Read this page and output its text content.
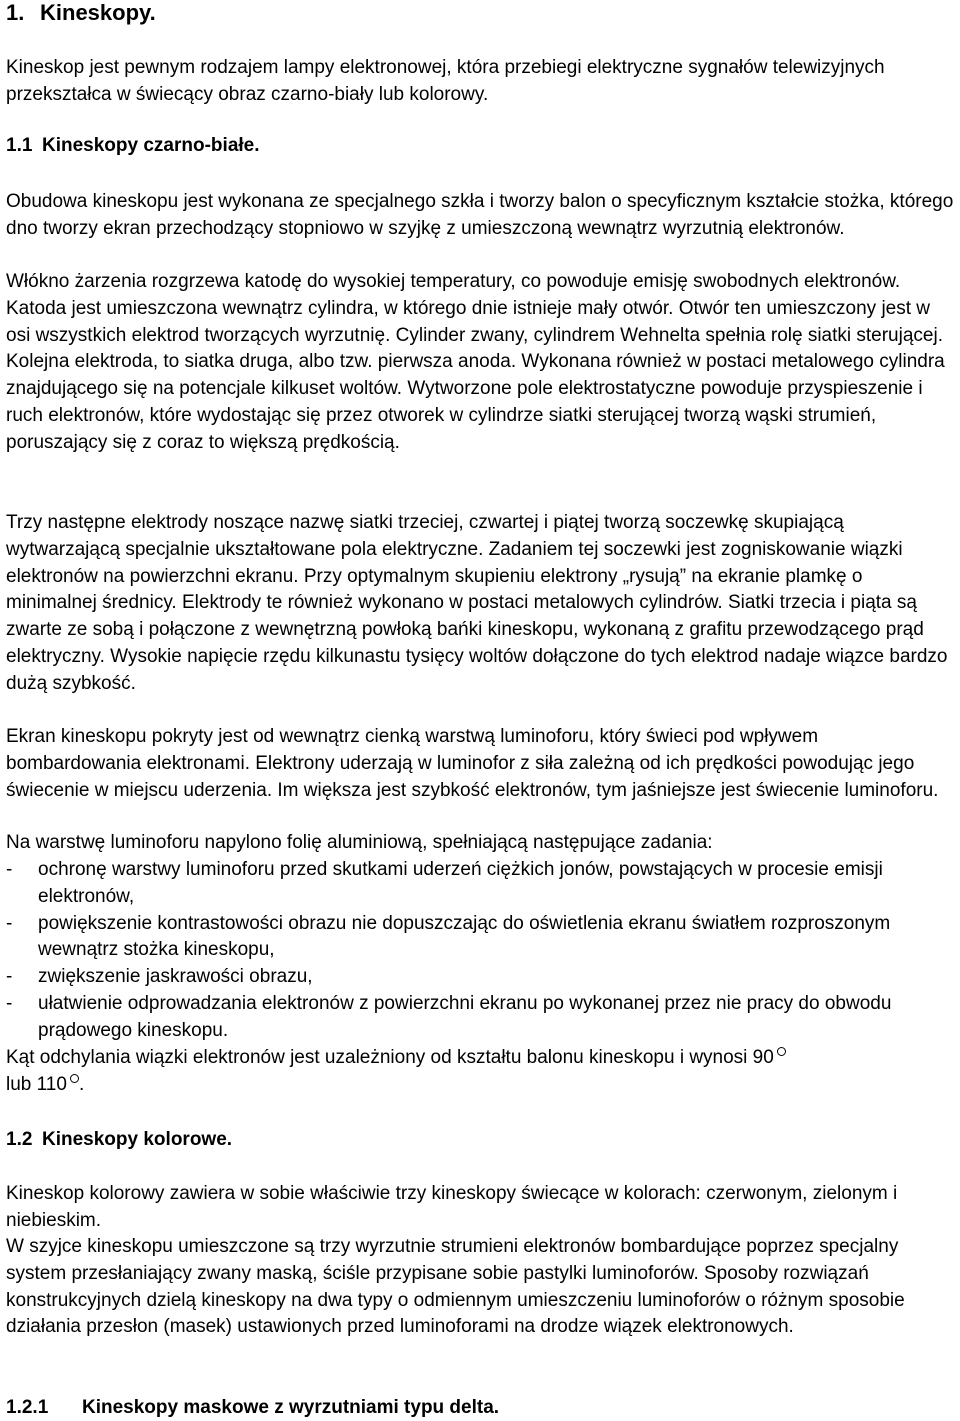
1. Kineskopy.

Kineskop jest pewnym rodzajem lampy elektronowej, która przebiegi elektryczne sygnałów telewizyjnych przekształca w świecący obraz czarno-biały lub kolorowy.

1.1 Kineskopy czarno-białe.

Obudowa kineskopu jest wykonana ze specjalnego szkła i tworzy balon o specyficznym kształcie stożka, którego dno tworzy ekran przechodzący stopniowo w szyjkę z umieszczoną wewnątrz wyrzutnią elektronów.

Włókno żarzenia rozgrzewa katodę do wysokiej temperatury, co powoduje emisję swobodnych elektronów. Katoda jest umieszczona wewnątrz cylindra, w którego dnie istnieje mały otwór. Otwór ten umieszczony jest w osi wszystkich elektrod tworzących wyrzutnię. Cylinder zwany, cylindrem Wehnelta spełnia rolę siatki sterującej. Kolejna elektroda, to siatka druga, albo tzw. pierwsza anoda. Wykonana również w postaci metalowego cylindra znajdującego się na potencjale kilkuset woltów. Wytworzone pole elektrostatyczne powoduje przyspieszenie i ruch elektronów, które wydostając się przez otworek w cylindrze siatki sterującej tworzą wąski strumień, poruszający się z coraz to większą prędkością.

Trzy następne elektrody noszące nazwę siatki trzeciej, czwartej i piątej tworzą soczewkę skupiającą wytwarzającą specjalnie ukształtowane pola elektryczne. Zadaniem tej soczewki jest zogniskowanie wiązki elektronów na powierzchni ekranu. Przy optymalnym skupieniu elektrony „rysują” na ekranie plamkę o minimalnej średnicy. Elektrody te również wykonano w postaci metalowych cylindrów. Siatki trzecia i piąta są zwarte ze sobą i połączone z wewnętrzną powłoką bańki kineskopu, wykonaną z grafitu przewodzącego prąd elektryczny. Wysokie napięcie rzędu kilkunastu tysięcy woltów dołączone do tych elektrod nadaje wiązce bardzo dużą szybkość.

Ekran kineskopu pokryty jest od wewnątrz cienką warstwą luminoforu, który świeci pod wpływem bombardowania elektronami. Elektrony uderzają w luminofor z siła zależną od ich prędkości powodując jego świecenie w miejscu uderzenia. Im większa jest szybkość elektronów, tym jaśniejsze jest świecenie luminoforu.

Na warstwę luminoforu napylono folię aluminiową, spełniającą następujące zadania:

- ochronę warstwy luminoforu przed skutkami uderzeń ciężkich jonów, powstających w procesie emisji elektronów,
- powiększenie kontrastowości obrazu nie dopuszczając do oświetlenia ekranu światłem rozproszonym wewnątrz stożka kineskopu,
- zwiększenie jaskrawości obrazu,
- ułatwienie odprowadzania elektronów z powierzchni ekranu po wykonanej przez nie pracy do obwodu prądowego kineskopu.

Kąt odchylania wiązki elektronów jest uzależniony od kształtu balonu kineskopu i wynosi 90
lub 110 .

1.2 Kineskopy kolorowe.

Kineskop kolorowy zawiera w sobie właściwie trzy kineskopy świecące w kolorach: czerwonym, zielonym i niebieskim.

W szyjce kineskopu umieszczone są trzy wyrzutnie strumieni elektronów bombardujące poprzez specjalny system przesłaniający zwany maską, ściśle przypisane sobie pastylki luminoforów. Sposoby rozwiązań konstrukcyjnych dzielą kineskopy na dwa typy o odmiennym umieszczeniu luminoforów o różnym sposobie działania przesłon (masek) ustawionych przed luminoforami na drodze wiązek elektronowych.

1.2.1 Kineskopy maskowe z wyrzutniami typu delta.
